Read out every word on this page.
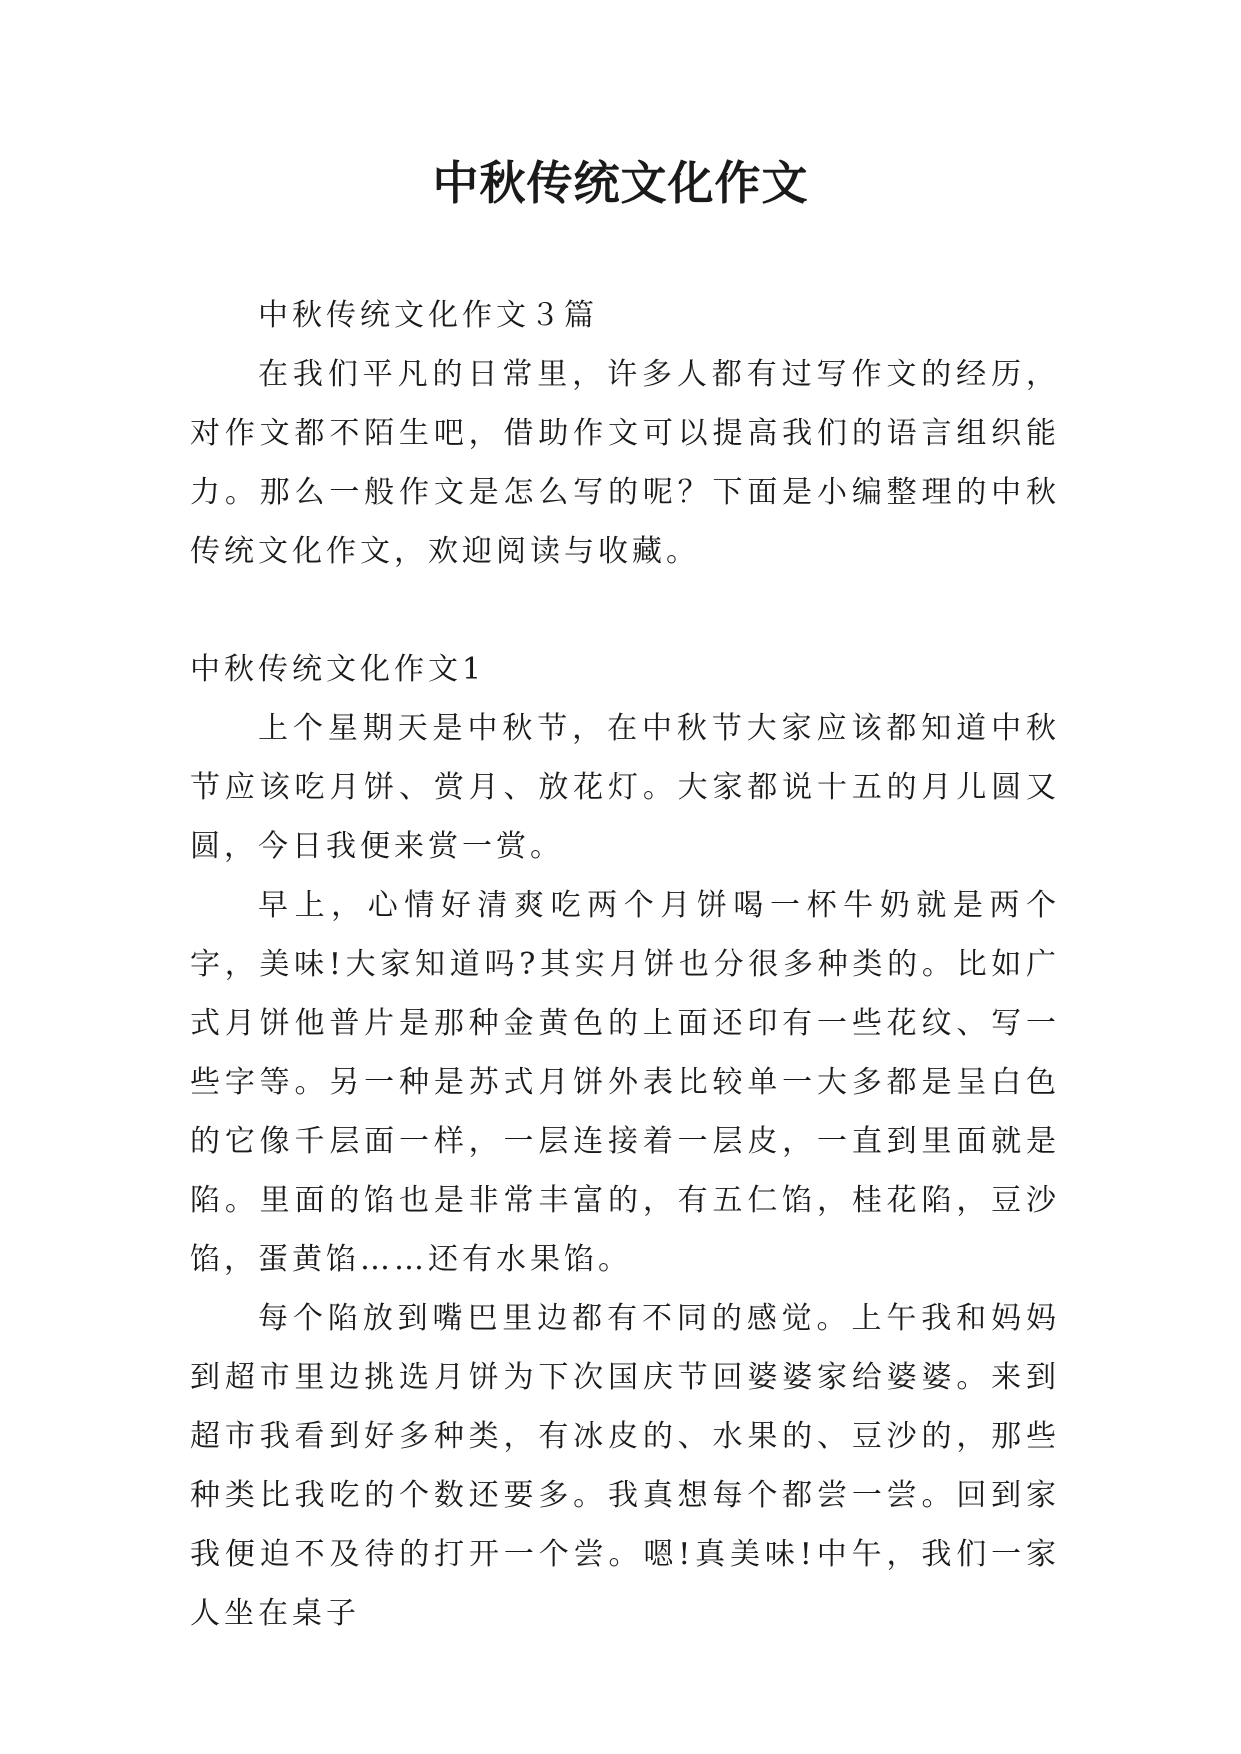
中秋传统文化作文

中秋传统文化作文３篇

在我们平凡的日常里，许多人都有过写作文的经历，对作文都不陌生吧，借助作文可以提高我们的语言组织能力。那么一般作文是怎么写的呢？下面是小编整理的中秋传统文化作文，欢迎阅读与收藏。

中秋传统文化作文1

上个星期天是中秋节，在中秋节大家应该都知道中秋节应该吃月饼、赏月、放花灯。大家都说十五的月儿圆又圆，今日我便来赏一赏。

早上，心情好清爽吃两个月饼喝一杯牛奶就是两个字，美味!大家知道吗?其实月饼也分很多种类的。比如广式月饼他普片是那种金黄色的上面还印有一些花纹、写一些字等。另一种是苏式月饼外表比较单一大多都是呈白色的它像千层面一样，一层连接着一层皮，一直到里面就是陷。里面的馅也是非常丰富的，有五仁馅，桂花陷，豆沙馅，蛋黄馅……还有水果馅。

每个陷放到嘴巴里边都有不同的感觉。上午我和妈妈到超市里边挑选月饼为下次国庆节回婆婆家给婆婆。来到超市我看到好多种类，有冰皮的、水果的、豆沙的，那些种类比我吃的个数还要多。我真想每个都尝一尝。回到家我便迫不及待的打开一个尝。嗯!真美味!中午，我们一家人坐在桌子
